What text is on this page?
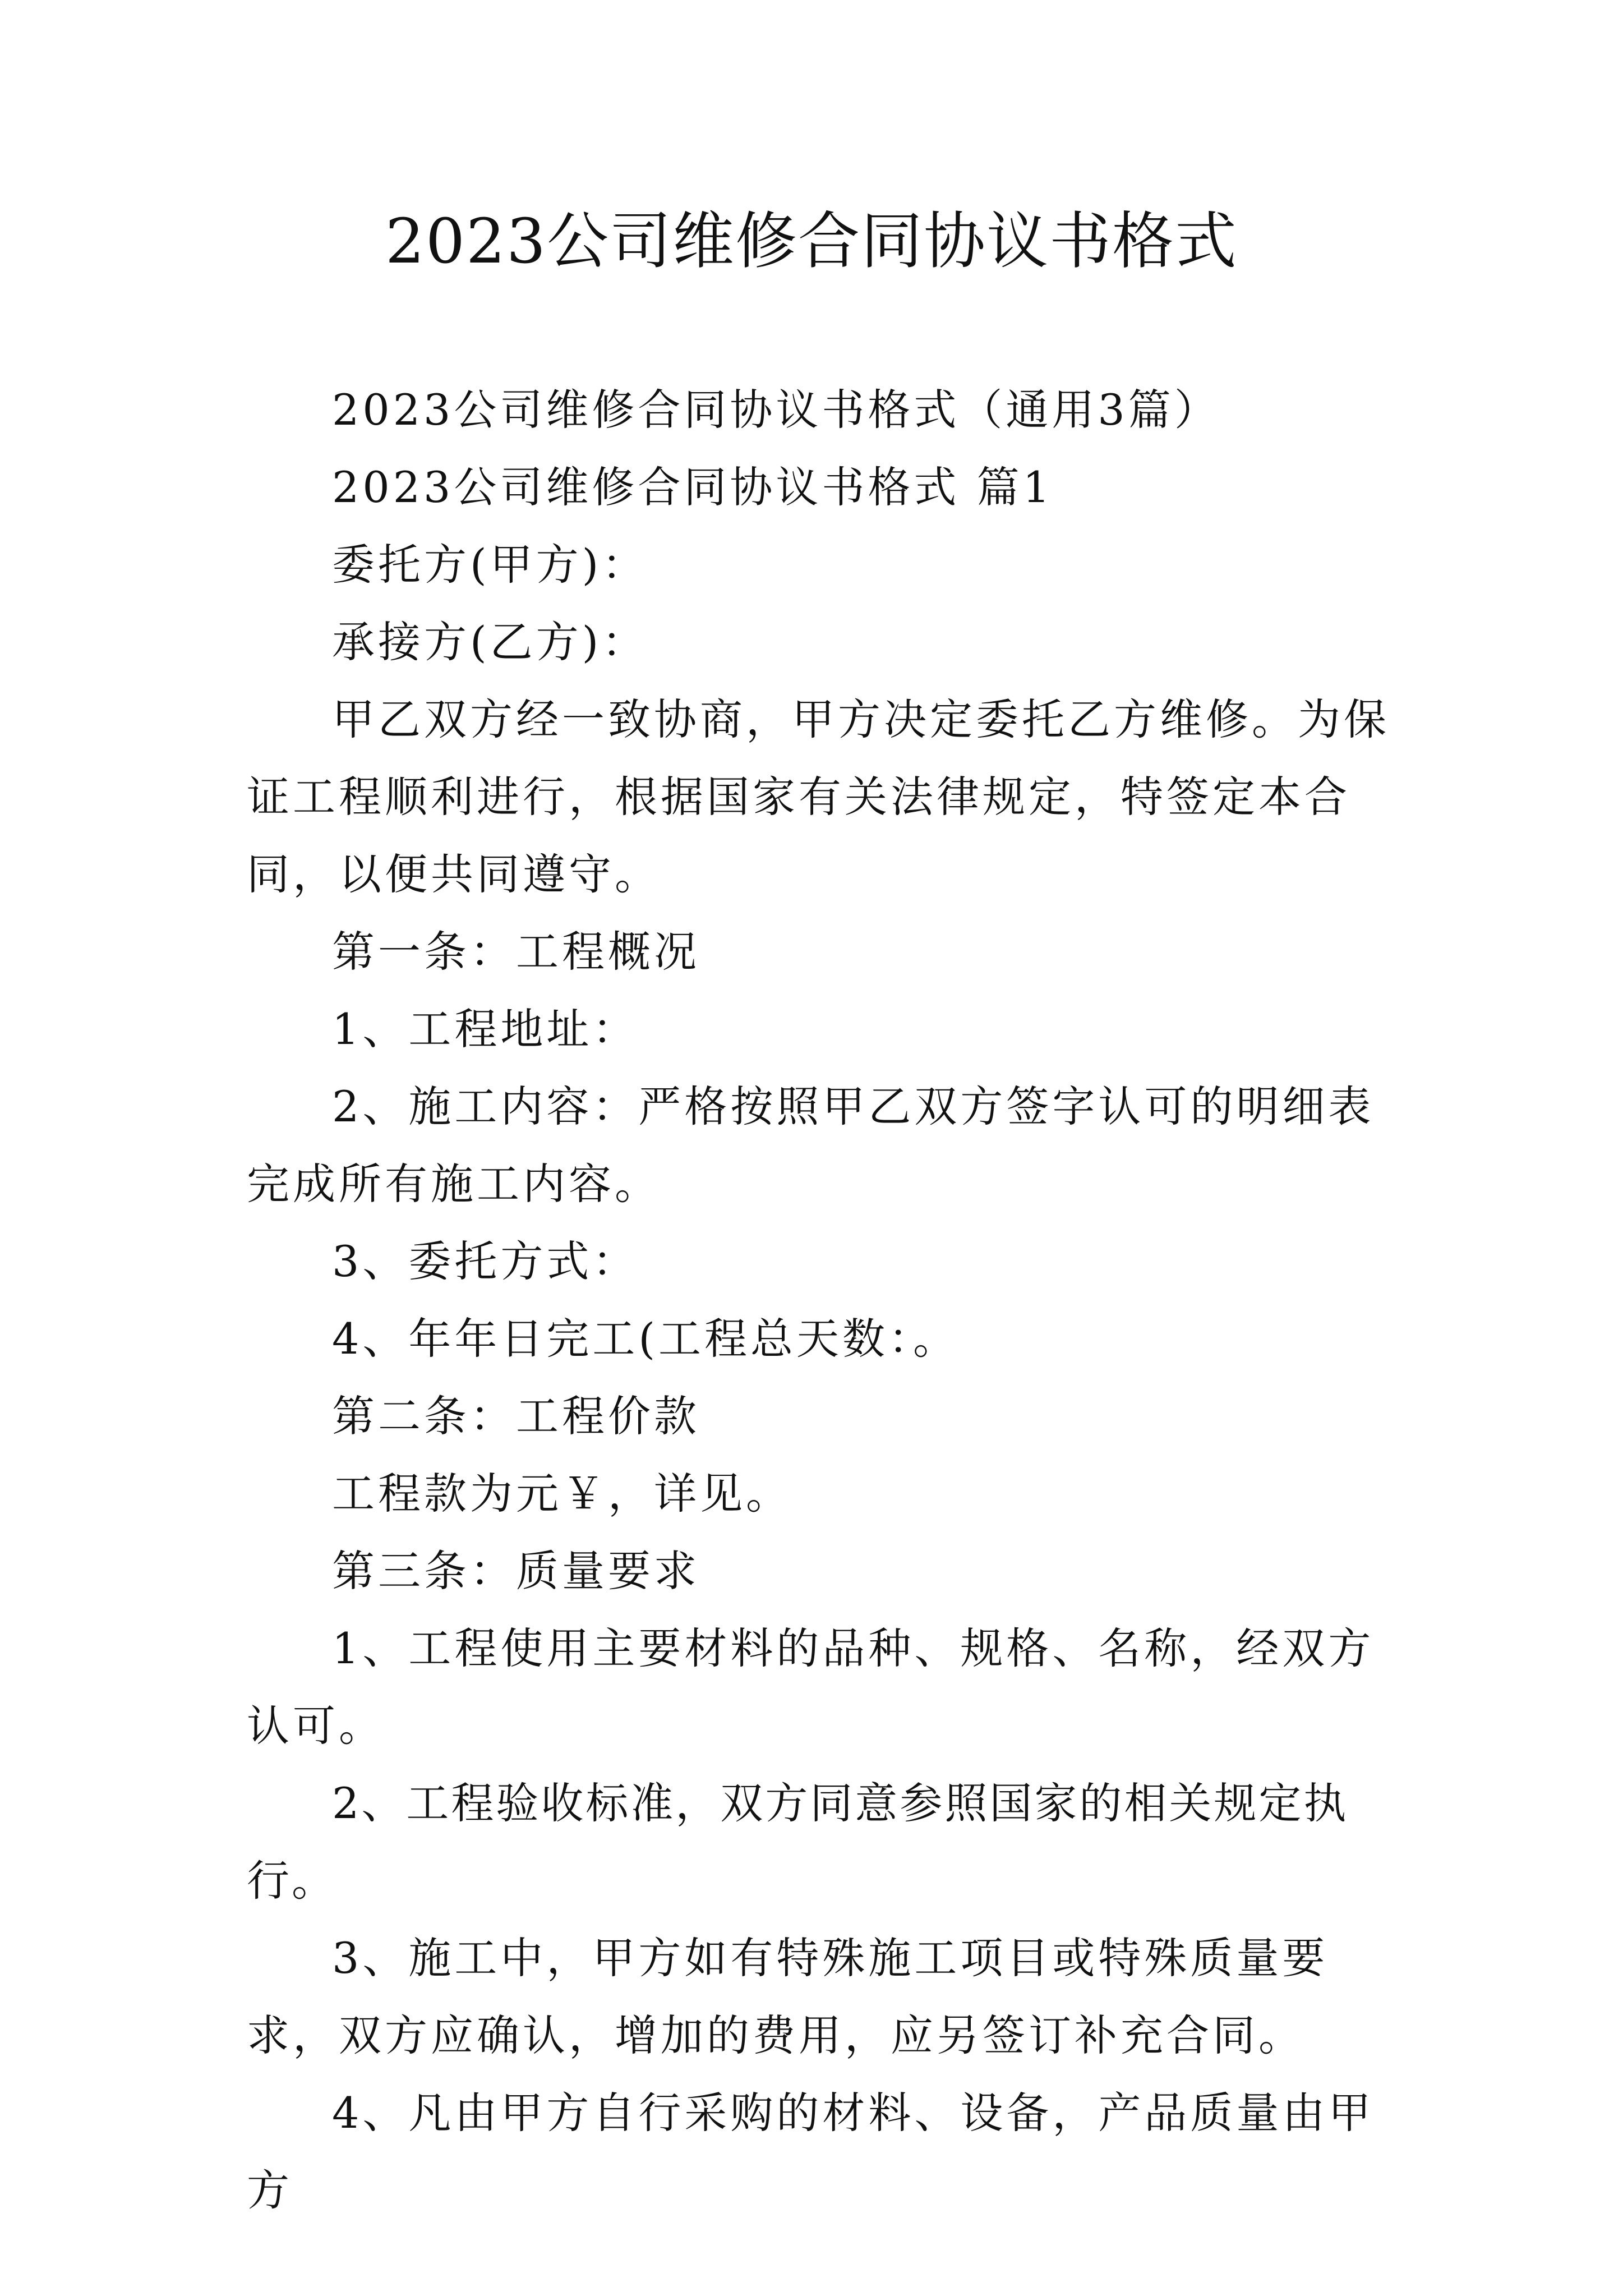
2023公司维修合同协议书格式

2023公司维修合同协议书格式（通用3篇）

2023公司维修合同协议书格式 篇1

委托方(甲方)：

承接方(乙方)：

甲乙双方经一致协商，甲方决定委托乙方维修。为保证工程顺利进行，根据国家有关法律规定，特签定本合同，以便共同遵守。

第一条：工程概况

1、工程地址：

2、施工内容：严格按照甲乙双方签字认可的明细表完成所有施工内容。

3、委托方式：

4、年年日完工(工程总天数：。

第二条：工程价款

工程款为元￥，详见。

第三条：质量要求

1、工程使用主要材料的品种、规格、名称，经双方认可。

2、工程验收标准，双方同意参照国家的相关规定执行。

3、施工中，甲方如有特殊施工项目或特殊质量要求，双方应确认，增加的费用，应另签订补充合同。

4、凡由甲方自行采购的材料、设备，产品质量由甲方
